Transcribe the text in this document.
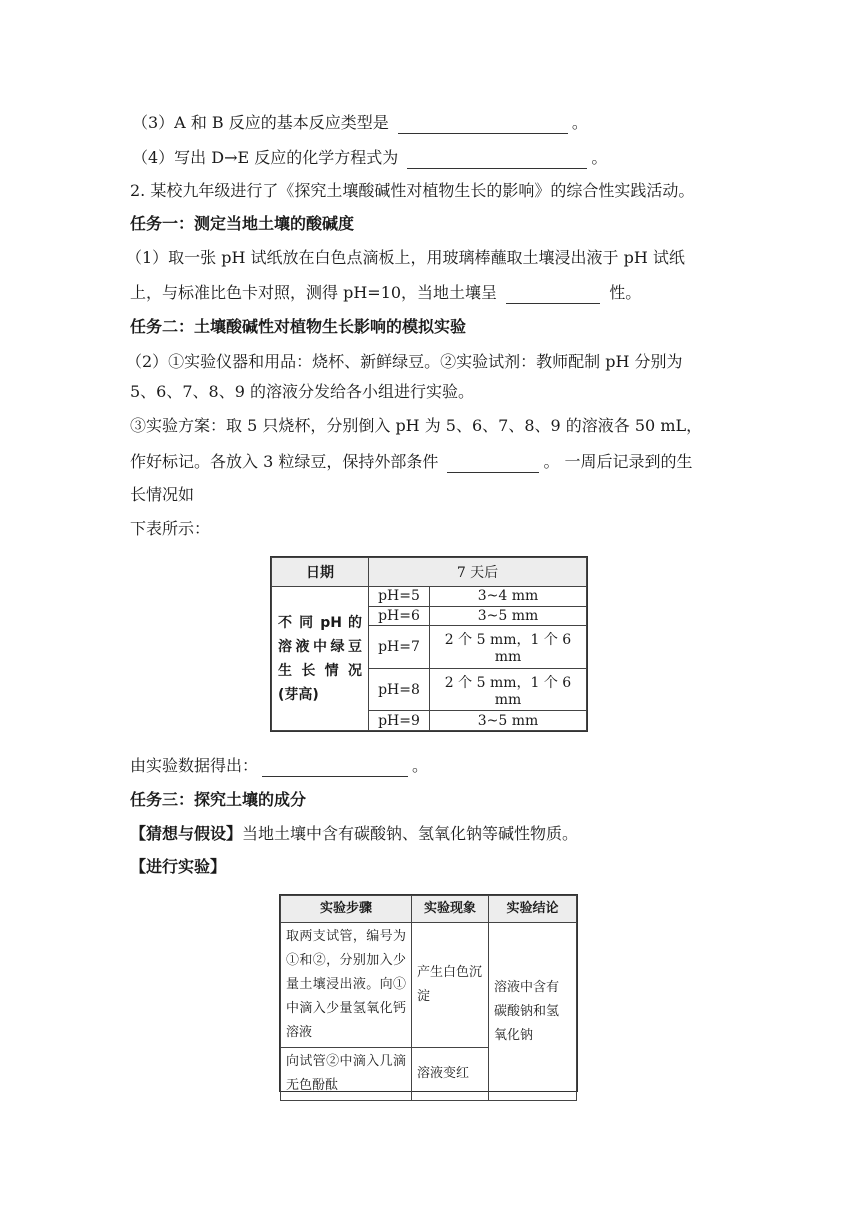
（3）A 和 B 反应的基本反应类型是	。
（4）写出 D→E 反应的化学方程式为	。
2. 某校九年级进行了《探究土壤酸碱性对植物生长的影响》的综合性实践活动。
任务一：测定当地土壤的酸碱度
（1）取一张 pH 试纸放在白色点滴板上，用玻璃棒蘸取土壤浸出液于 pH 试纸
上，与标准比色卡对照，测得 pH=10，当地土壤呈	性。
任务二：土壤酸碱性对植物生长影响的模拟实验
（2）①实验仪器和用品：烧杯、新鲜绿豆。②实验试剂：教师配制 pH 分别为
5、6、7、8、9 的溶液分发给各小组进行实验。
③实验方案：取 5 只烧杯，分别倒入 pH 为 5、6、7、8、9 的溶液各 50 mL，
作好标记。各放入 3 粒绿豆，保持外部条件	。 一周后记录到的生
长情况如
下表所示：
日期	7 天后	
不 同 pH 的 溶液中绿豆 生 长 情 况 (芽高)	pH=5	3~4 mm
	pH=6	3~5 mm
	pH=7	2 个 5 mm，1 个 6 mm
	pH=8	2 个 5 mm，1 个 6 mm
	pH=9	3~5 mm
由实验数据得出：	。
任务三：探究土壤的成分
【猜想与假设】当地土壤中含有碳酸钠、氢氧化钠等碱性物质。
【进行实验】
实验步骤	实验现象	实验结论
取两支试管，编号为①和②，分别加入少量土壤浸出液。向①中滴入少量氢氧化钙溶液	产生白色沉淀	溶液中含有碳酸钠和氢氧化钠
向试管②中滴入几滴无色酚酞	溶液变红	
